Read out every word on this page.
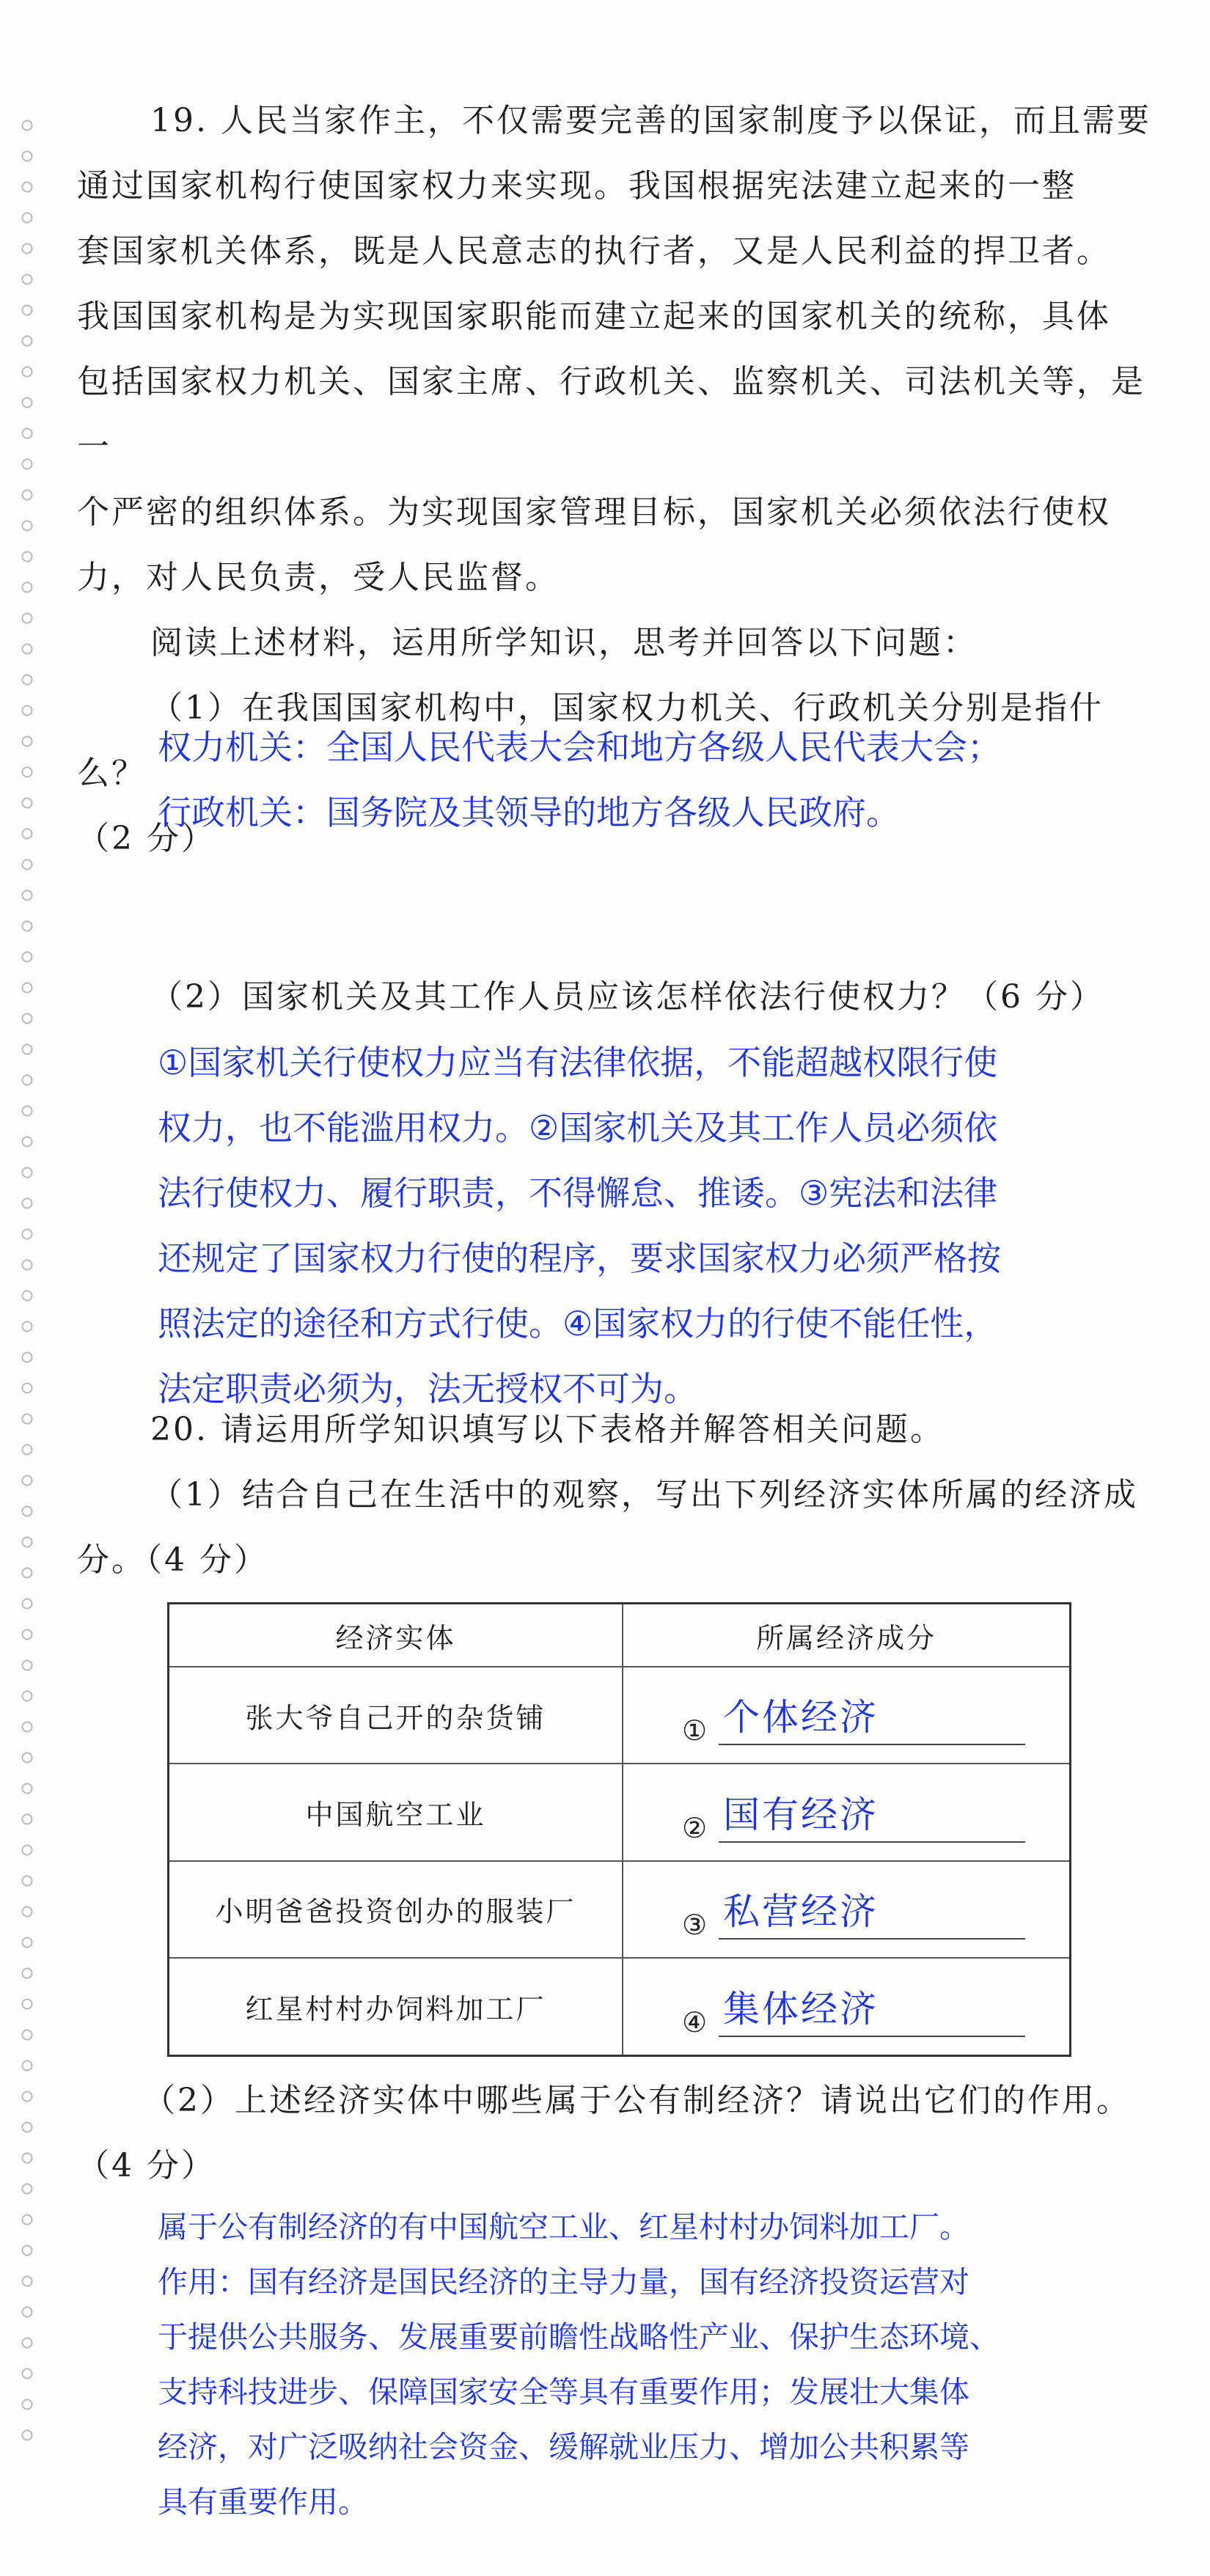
19. 人民当家作主，不仅需要完善的国家制度予以保证，而且需要

通过国家机构行使国家权力来实现。我国根据宪法建立起来的一整

套国家机关体系，既是人民意志的执行者，又是人民利益的捍卫者。

我国国家机构是为实现国家职能而建立起来的国家机关的统称，具体

包括国家权力机关、国家主席、行政机关、监察机关、司法机关等，是一

个严密的组织体系。为实现国家管理目标，国家机关必须依法行使权

力，对人民负责，受人民监督。

阅读上述材料，运用所学知识，思考并回答以下问题：

（1）在我国国家机构中，国家权力机关、行政机关分别是指什么？

（2 分）

权力机关：全国人民代表大会和地方各级人民代表大会；

行政机关：国务院及其领导的地方各级人民政府。

（2）国家机关及其工作人员应该怎样依法行使权力？（6 分）

①国家机关行使权力应当有法律依据，不能超越权限行使

权力，也不能滥用权力。②国家机关及其工作人员必须依

法行使权力、履行职责，不得懈怠、推诿。③宪法和法律

还规定了国家权力行使的程序，要求国家权力必须严格按

照法定的途径和方式行使。④国家权力的行使不能任性，

法定职责必须为，法无授权不可为。

20. 请运用所学知识填写以下表格并解答相关问题。

（1）结合自己在生活中的观察，写出下列经济实体所属的经济成

分。（4 分）

经济实体	所属经济成分
张大爷自己开的杂货铺	① 个体经济

中国航空工业	② 国有经济

小明爸爸投资创办的服装厂	③ 私营经济

红星村村办饲料加工厂	④ 集体经济

（2）上述经济实体中哪些属于公有制经济？请说出它们的作用。

（4 分）

属于公有制经济的有中国航空工业、红星村村办饲料加工厂。

作用：国有经济是国民经济的主导力量，国有经济投资运营对

于提供公共服务、发展重要前瞻性战略性产业、保护生态环境、

支持科技进步、保障国家安全等具有重要作用；发展壮大集体

经济，对广泛吸纳社会资金、缓解就业压力、增加公共积累等

具有重要作用。
